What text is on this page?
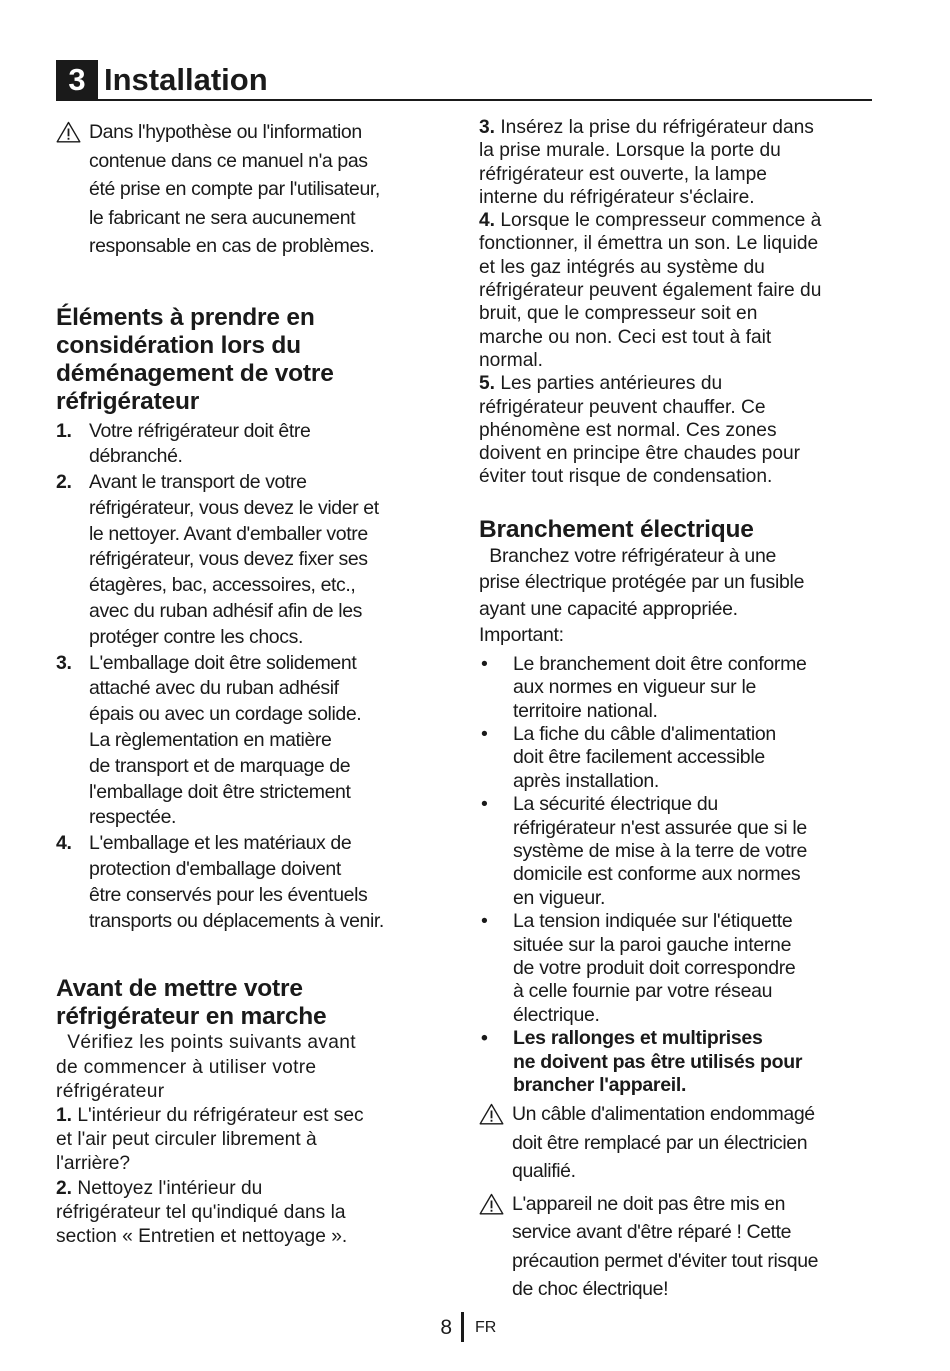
3 Installation
Dans l'hypothèse ou l'information
contenue dans ce manuel n'a pas
été prise en compte par l'utilisateur,
le fabricant ne sera aucunement
responsable en cas de problèmes.
Éléments à prendre en
considération lors du
déménagement de votre
réfrigérateur
1. Votre réfrigérateur doit être
débranché.
2. Avant le transport de votre
réfrigérateur, vous devez le vider et
le nettoyer. Avant d'emballer votre
réfrigérateur, vous devez fixer ses
étagères, bac, accessoires, etc.,
avec du ruban adhésif afin de les
protéger contre les chocs.
3. L'emballage doit être solidement
attaché avec du ruban adhésif
épais ou avec un cordage solide.
La règlementation en matière
de transport et de marquage de
l'emballage doit être strictement
respectée.
4. L'emballage et les matériaux de
protection d'emballage doivent
être conservés pour les éventuels
transports ou déplacements à venir.
Avant de mettre votre
réfrigérateur en marche
Vérifiez les points suivants avant
de commencer à utiliser votre
réfrigérateur
1. L'intérieur du réfrigérateur est sec
et l'air peut circuler librement à
l'arrière?
2. Nettoyez l'intérieur du
réfrigérateur tel qu'indiqué dans la
section « Entretien et nettoyage ».
3. Insérez la prise du réfrigérateur dans
la prise murale. Lorsque la porte du
réfrigérateur est ouverte, la lampe
interne du réfrigérateur s'éclaire.
4. Lorsque le compresseur commence à
fonctionner, il émettra un son. Le liquide
et les gaz intégrés au système du
réfrigérateur peuvent également faire du
bruit, que le compresseur soit en
marche ou non. Ceci est tout à fait
normal.
5. Les parties antérieures du
réfrigérateur peuvent chauffer. Ce
phénomène est normal. Ces zones
doivent en principe être chaudes pour
éviter tout risque de condensation.
Branchement électrique
Branchez votre réfrigérateur à une
prise électrique protégée par un fusible
ayant une capacité appropriée.
Important:
• Le branchement doit être conforme
aux normes en vigueur sur le
territoire national.
• La fiche du câble d'alimentation
doit être facilement accessible
après installation.
• La sécurité électrique du
réfrigérateur n'est assurée que si le
système de mise à la terre de votre
domicile est conforme aux normes
en vigueur.
• La tension indiquée sur l'étiquette
située sur la paroi gauche interne
de votre produit doit correspondre
à celle fournie par votre réseau
électrique.
• Les rallonges et multiprises
ne doivent pas être utilisés pour
brancher l'appareil.
Un câble d'alimentation endommagé
doit être remplacé par un électricien
qualifié.
L'appareil ne doit pas être mis en
service avant d'être réparé ! Cette
précaution permet d'éviter tout risque
de choc électrique!
8 FR
